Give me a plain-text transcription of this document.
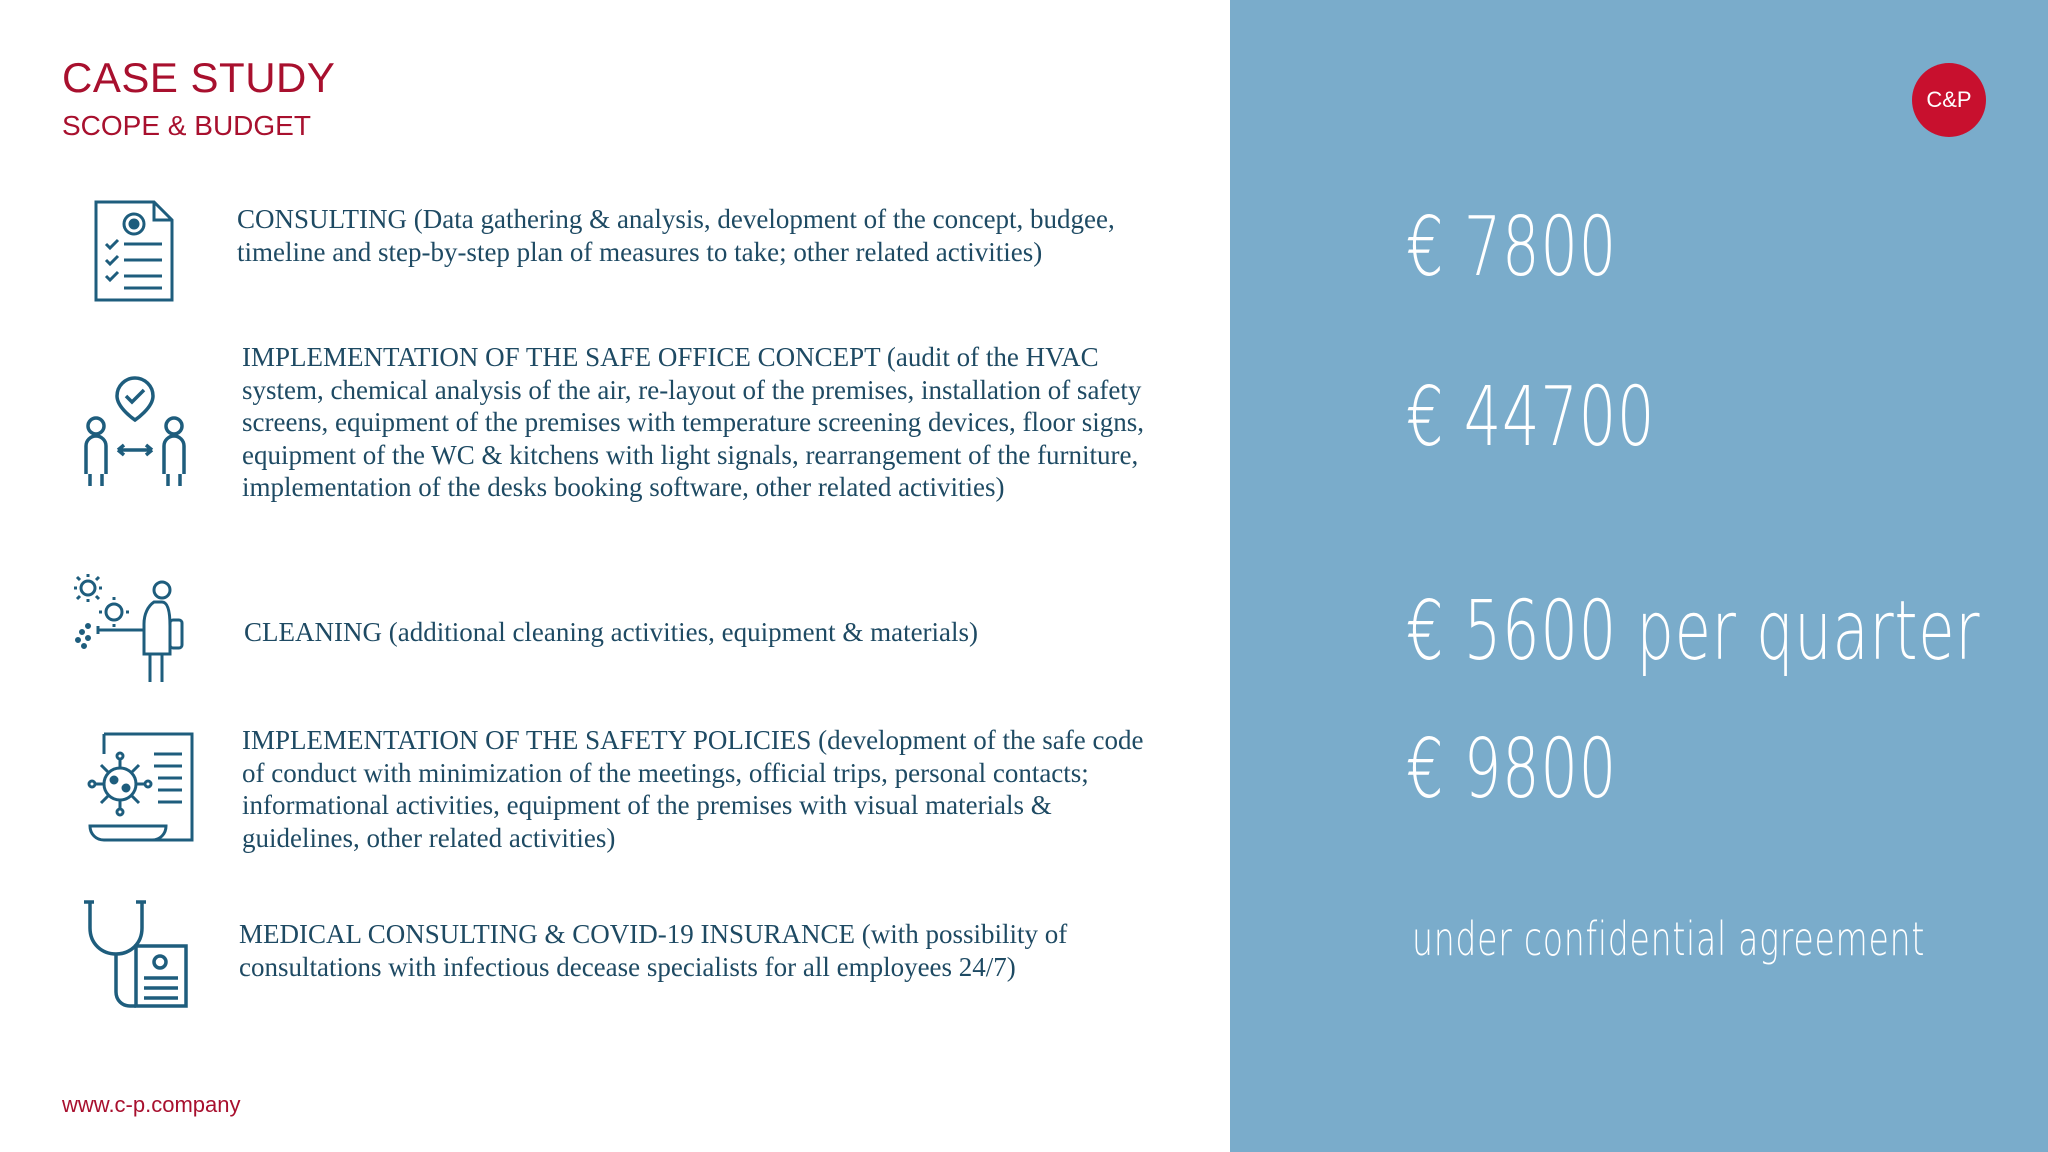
CASE STUDY
SCOPE & BUDGET
CONSULTING (Data gathering & analysis, development of the concept, budgee, timeline and step-by-step plan of measures to take; other related activities)
IMPLEMENTATION OF THE SAFE OFFICE CONCEPT (audit of the HVAC system, chemical analysis of the air, re-layout of the premises, installation of safety screens, equipment of the premises with temperature screening devices, floor signs, equipment of the WC & kitchens with light signals, rearrangement of the furniture, implementation of the desks booking software, other related activities)
CLEANING (additional cleaning activities, equipment & materials)
IMPLEMENTATION OF THE SAFETY POLICIES (development of the safe code of conduct with minimization of the meetings, official trips, personal contacts; informational activities, equipment of the premises with visual materials & guidelines, other related activities)
MEDICAL CONSULTING & COVID-19 INSURANCE (with possibility of consultations with infectious decease specialists for all employees 24/7)
www.c-p.company
C&P
€ 7800
€ 44700
€ 5600 per quarter
€ 9800
under confidential agreement
